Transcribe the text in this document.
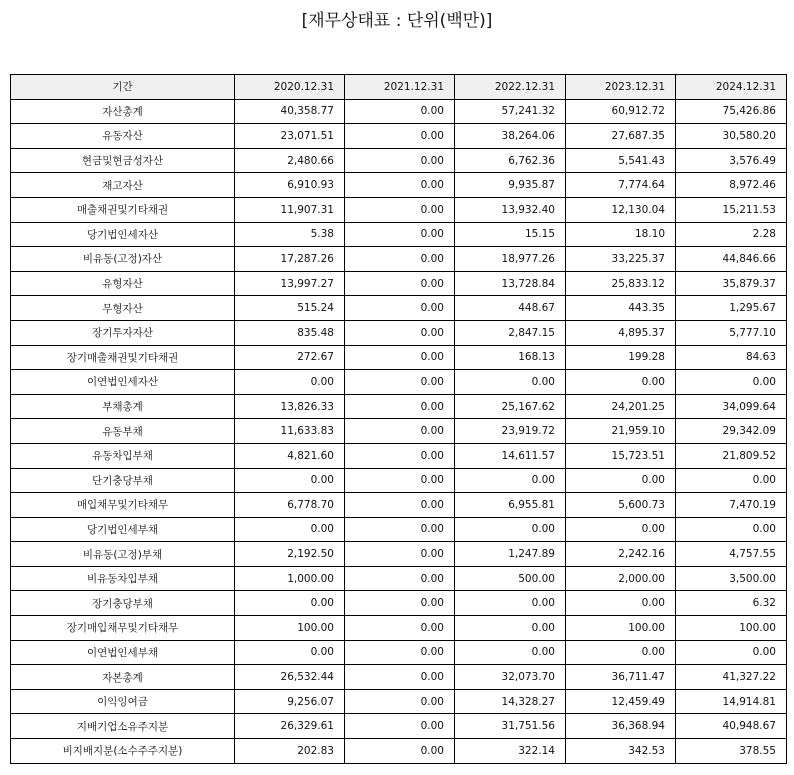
[재무상태표 : 단위(백만)]
기간	2020.12.31	2021.12.31	2022.12.31	2023.12.31	2024.12.31
자산총계	40,358.77	0.00	57,241.32	60,912.72	75,426.86
유동자산	23,071.51	0.00	38,264.06	27,687.35	30,580.20
현금및현금성자산	2,480.66	0.00	6,762.36	5,541.43	3,576.49
재고자산	6,910.93	0.00	9,935.87	7,774.64	8,972.46
매출채권및기타채권	11,907.31	0.00	13,932.40	12,130.04	15,211.53
당기법인세자산	5.38	0.00	15.15	18.10	2.28
비유동(고정)자산	17,287.26	0.00	18,977.26	33,225.37	44,846.66
유형자산	13,997.27	0.00	13,728.84	25,833.12	35,879.37
무형자산	515.24	0.00	448.67	443.35	1,295.67
장기투자자산	835.48	0.00	2,847.15	4,895.37	5,777.10
장기매출채권및기타채권	272.67	0.00	168.13	199.28	84.63
이연법인세자산	0.00	0.00	0.00	0.00	0.00
부채총계	13,826.33	0.00	25,167.62	24,201.25	34,099.64
유동부채	11,633.83	0.00	23,919.72	21,959.10	29,342.09
유동차입부채	4,821.60	0.00	14,611.57	15,723.51	21,809.52
단기충당부채	0.00	0.00	0.00	0.00	0.00
매입채무및기타채무	6,778.70	0.00	6,955.81	5,600.73	7,470.19
당기법인세부채	0.00	0.00	0.00	0.00	0.00
비유동(고정)부채	2,192.50	0.00	1,247.89	2,242.16	4,757.55
비유동차입부채	1,000.00	0.00	500.00	2,000.00	3,500.00
장기충당부채	0.00	0.00	0.00	0.00	6.32
장기매입채무및기타채무	100.00	0.00	0.00	100.00	100.00
이연법인세부채	0.00	0.00	0.00	0.00	0.00
자본총계	26,532.44	0.00	32,073.70	36,711.47	41,327.22
이익잉여금	9,256.07	0.00	14,328.27	12,459.49	14,914.81
지배기업소유주지분	26,329.61	0.00	31,751.56	36,368.94	40,948.67
비지배지분(소수주주지분)	202.83	0.00	322.14	342.53	378.55
